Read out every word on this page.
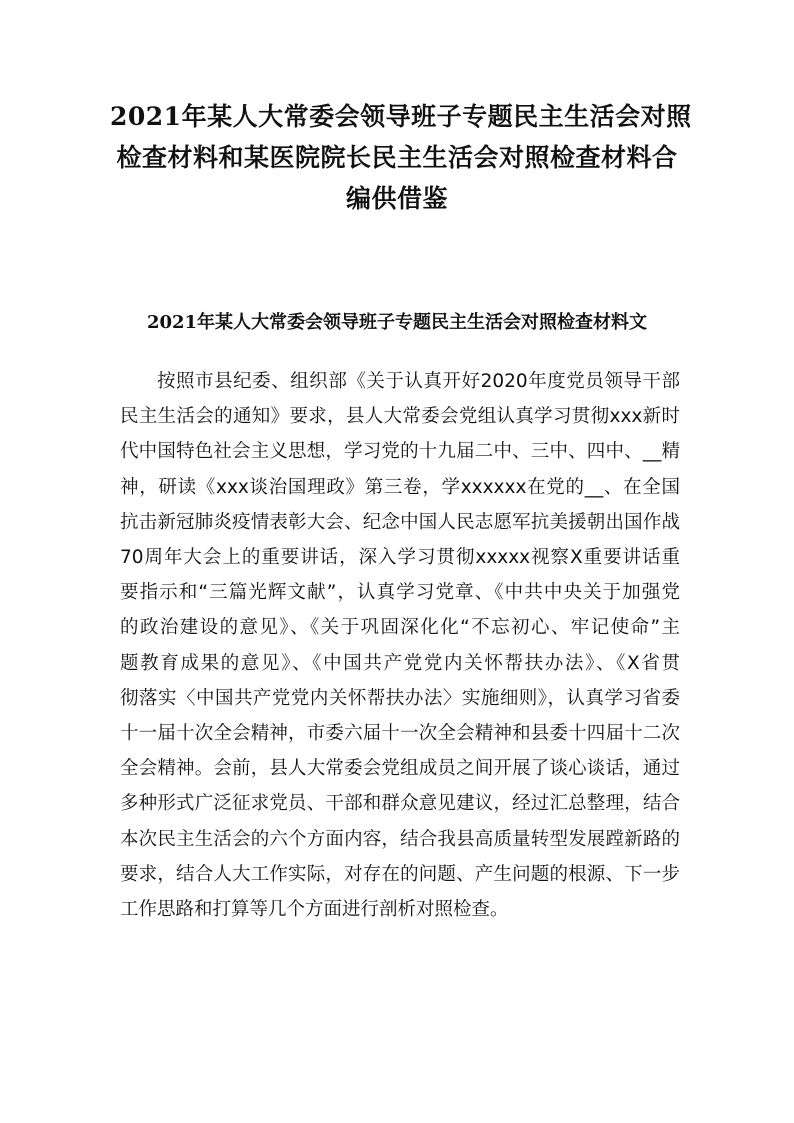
2021年某人大常委会领导班子专题民主生活会对照
检查材料和某医院院长民主生活会对照检查材料合
编供借鉴
2021年某人大常委会领导班子专题民主生活会对照检查材料文
按照市县纪委、组织部《关于认真开好2020年度党员领导干部
民主生活会的通知》要求，县人大常委会党组认真学习贯彻xxx新时
代中国特色社会主义思想，学习党的十九届二中、三中、四中、__精
神，研读《xxx谈治国理政》第三卷，学xxxxxx在党的__、在全国
抗击新冠肺炎疫情表彰大会、纪念中国人民志愿军抗美援朝出国作战
70周年大会上的重要讲话，深入学习贯彻xxxxx视察X重要讲话重
要指示和“三篇光辉文献”，认真学习党章、《中共中央关于加强党
的政治建设的意见》、《关于巩固深化化“不忘初心、牢记使命”主
题教育成果的意见》、《中国共产党党内关怀帮扶办法》、《X省贯
彻落实〈中国共产党党内关怀帮扶办法〉实施细则》，认真学习省委
十一届十次全会精神，市委六届十一次全会精神和县委十四届十二次
全会精神。会前，县人大常委会党组成员之间开展了谈心谈话，通过
多种形式广泛征求党员、干部和群众意见建议，经过汇总整理，结合
本次民主生活会的六个方面内容，结合我县高质量转型发展蹚新路的
要求，结合人大工作实际，对存在的问题、产生问题的根源、下一步
工作思路和打算等几个方面进行剖析对照检查。
